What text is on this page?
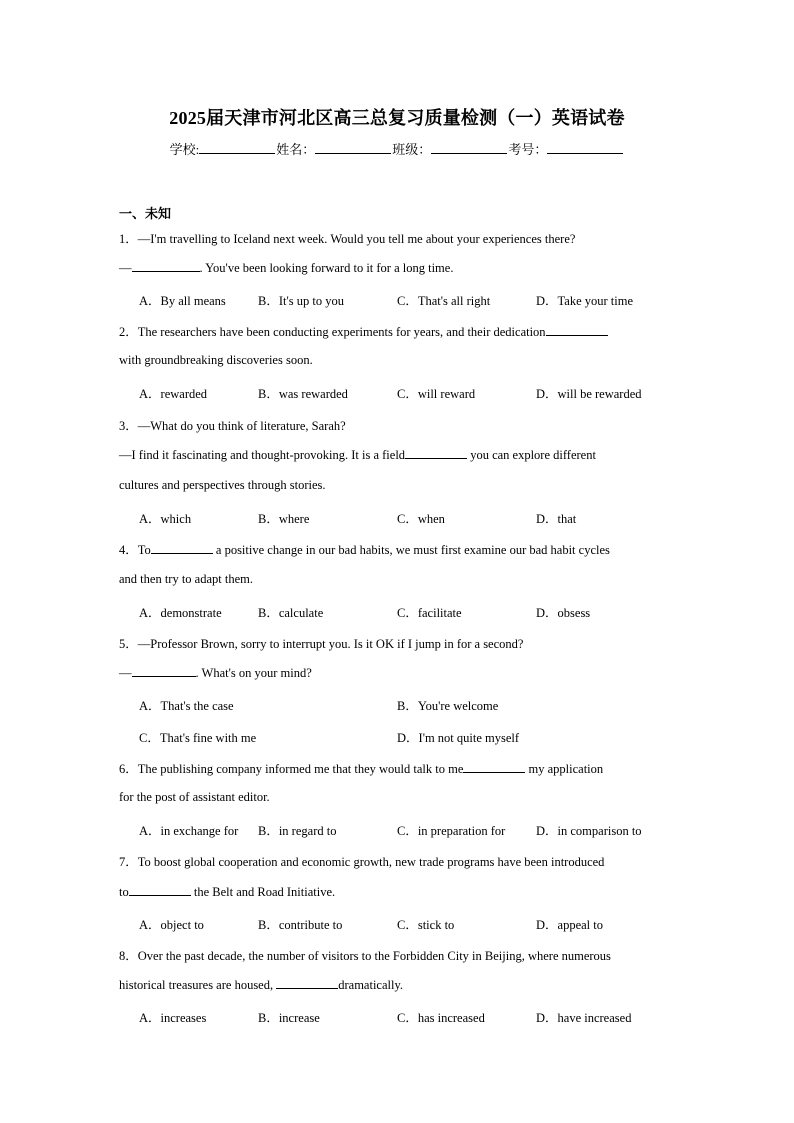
2025届天津市河北区高三总复习质量检测（一）英语试卷
学校:	姓名：	班级：	考号：
一、未知
1．—I'm travelling to Iceland next week. Would you tell me about your experiences there?
—	. You've been looking forward to it for a long time.
A．By all means	B．It's up to you	C．That's all right	D．Take your time
2．The researchers have been conducting experiments for years, and their dedication
with groundbreaking discoveries soon.
A．rewarded	B．was rewarded	C．will reward	D．will be rewarded
3．—What do you think of literature, Sarah?
—I find it fascinating and thought-provoking. It is a field	you can explore different
cultures and perspectives through stories.
A．which	B．where	C．when	D．that
4．To	a positive change in our bad habits, we must first examine our bad habit cycles
and then try to adapt them.
A．demonstrate	B．calculate	C．facilitate	D．obsess
5．—Professor Brown, sorry to interrupt you. Is it OK if I jump in for a second?
—	. What's on your mind?
A．That's the case	B．You're welcome
C．That's fine with me	D．I'm not quite myself
6．The publishing company informed me that they would talk to me	my application
for the post of assistant editor.
A．in exchange for B．in regard to	C．in preparation for D．in comparison to
7．To boost global cooperation and economic growth, new trade programs have been introduced
to	the Belt and Road Initiative.
A．object to	B．contribute to	C．stick to	D．appeal to
8．Over the past decade, the number of visitors to the Forbidden City in Beijing, where numerous
historical treasures are housed,	dramatically.
A．increases	B．increase	C．has increased	D．have increased
